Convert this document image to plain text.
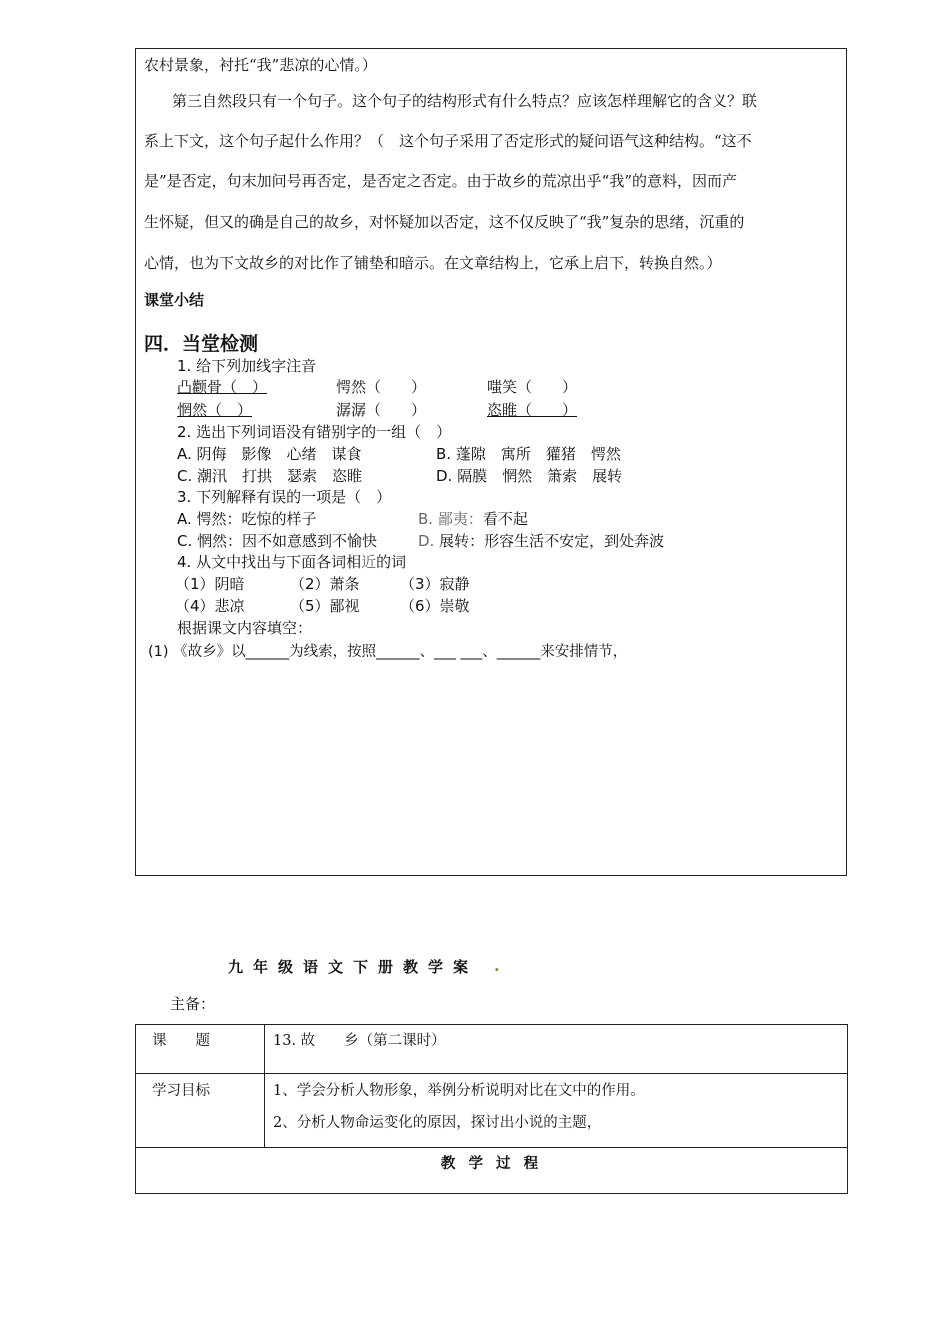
农村景象，衬托“我”悲凉的心情。）
第三自然段只有一个句子。这个句子的结构形式有什么特点？应该怎样理解它的含义？联
系上下文，这个句子起什么作用？（　这个句子采用了否定形式的疑问语气这种结构。“这不
是”是否定，句末加问号再否定，是否定之否定。由于故乡的荒凉出乎“我”的意料，因而产
生怀疑，但又的确是自己的故乡，对怀疑加以否定，这不仅反映了“我”复杂的思绪，沉重的
心情，也为下文故乡的对比作了铺垫和暗示。在文章结构上，它承上启下，转换自然。）
课堂小结
四．当堂检测
1. 给下列加线字注音
凸颧骨（　）	愕然（　　）	嗤笑（　　）
惘然（　）	潺潺（　　）	恣睢（　　）
2. 选出下列词语没有错别字的一组（　）
A. 阴侮　影像　心绪　谋食	B. 蓬隙　寓所　獾猪　愕然
C. 潮汛　打拱　瑟索　恣睢	D. 隔膜　惘然　箫索　展转
3. 下列解释有误的一项是（　）
A. 愕然：吃惊的样子	B. 鄙夷：看不起
C. 惘然：因不如意感到不愉快	D. 展转：形容生活不安定，到处奔波
4. 从文中找出与下面各词相近的词
（1）阴暗	（2）萧条	（3）寂静
（4）悲凉	（5）鄙视	（6）崇敬
根据课文内容填空：
(1) 《故乡》以______为线索，按照______、___ ___、______来安排情节，
九年级语文下册教学案 .
主备：
课　　题	13. 故　　乡（第二课时）

学习目标	1、学会分析人物形象，举例分析说明对比在文中的作用。
2、分析人物命运变化的原因，探讨出小说的主题，

教 学 过 程	
